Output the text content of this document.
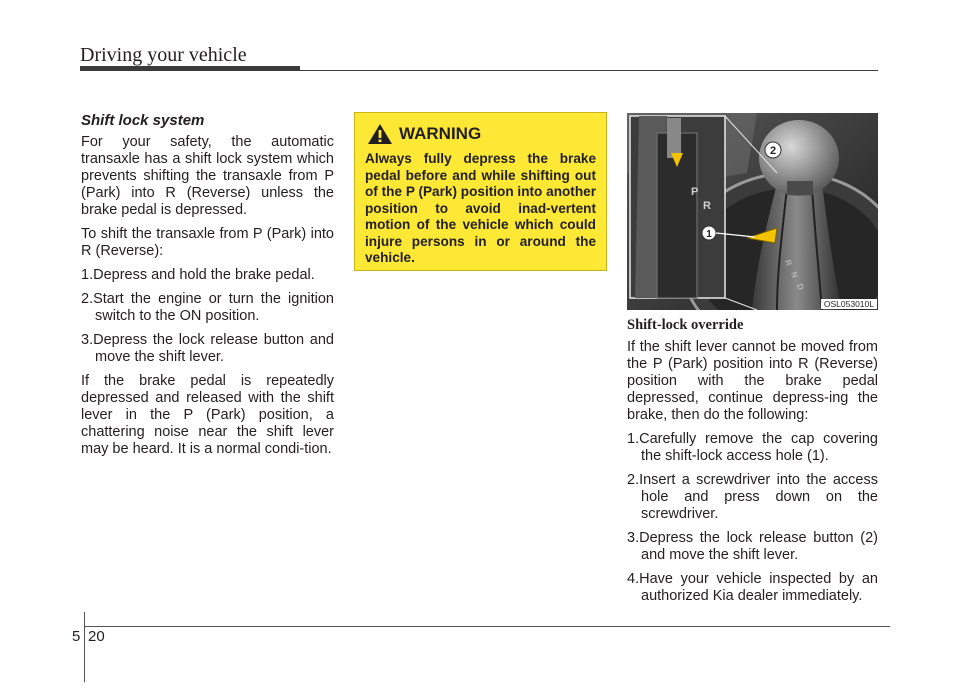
Driving your vehicle
Shift lock system

For your safety, the automatic transaxle has a shift lock system which prevents shifting the transaxle from P (Park) into R (Reverse) unless the brake pedal is depressed.

To shift the transaxle from P (Park) into R (Reverse):

1.Depress and hold the brake pedal.

2.Start the engine or turn the ignition switch to the ON position.

3.Depress the lock release button and move the shift lever.

If the brake pedal is repeatedly depressed and released with the shift lever in the P (Park) position, a chattering noise near the shift lever may be heard. It is a normal condi-tion.

WARNING

Always fully depress the brake pedal before and while shifting out of the P (Park) position into another position to avoid inad-vertent motion of the vehicle which could injure persons in or around the vehicle.

2
R
N
D
P
R
1
OSL053010L
Shift-lock override

If the shift lever cannot be moved from the P (Park) position into R (Reverse) position with the brake pedal depressed, continue depress-ing the brake, then do the following:

1.Carefully remove the cap covering the shift-lock access hole (1).

2.Insert a screwdriver into the access hole and press down on the screwdriver.

3.Depress the lock release button (2) and move the shift lever.

4.Have your vehicle inspected by an authorized Kia dealer immediately.

5 20
